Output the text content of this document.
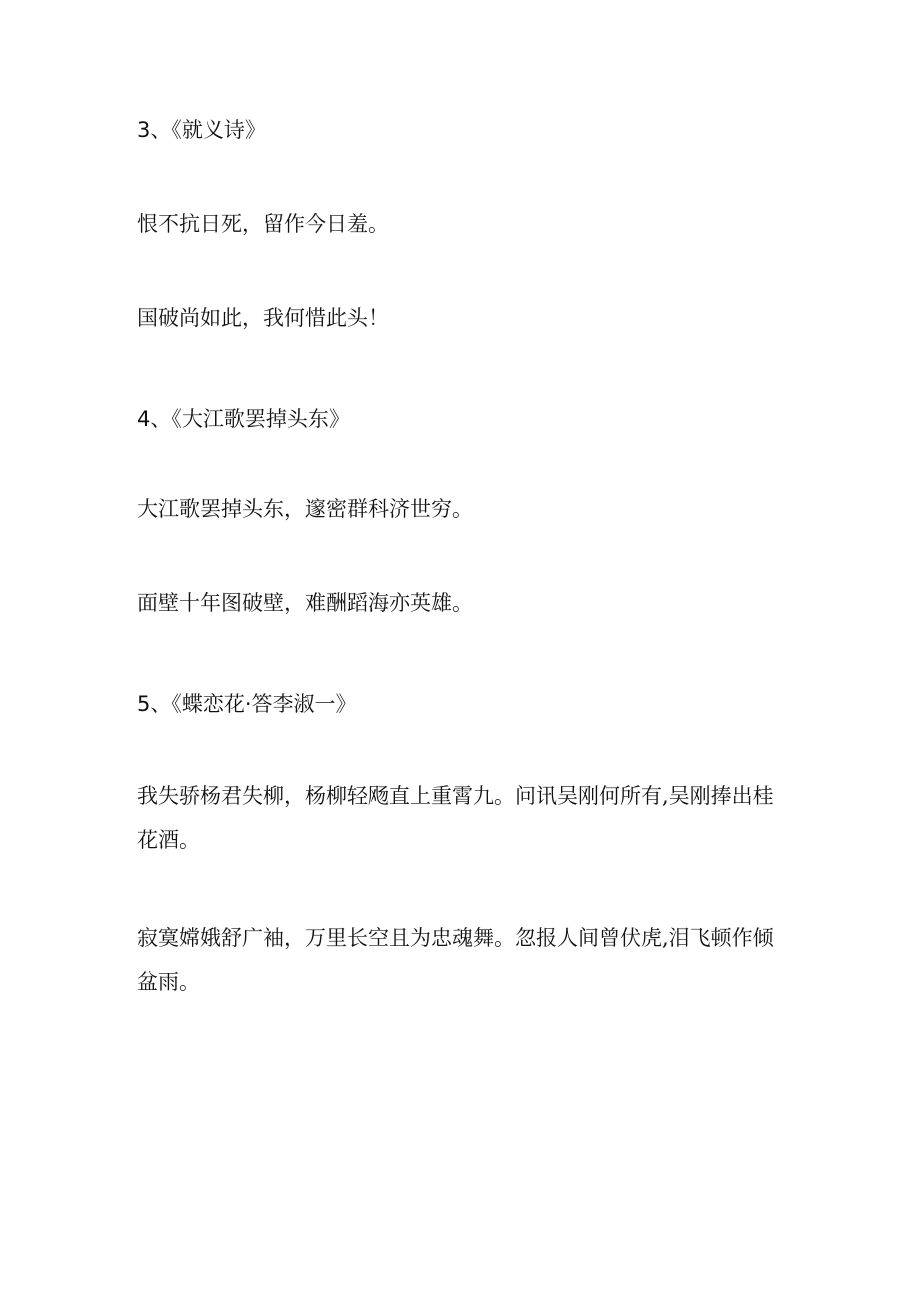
3、《就义诗》
恨不抗日死，留作今日羞。
国破尚如此，我何惜此头！
4、《大江歌罢掉头东》
大江歌罢掉头东，邃密群科济世穷。
面壁十年图破壁，难酬蹈海亦英雄。
5、《蝶恋花·答李淑一》
我失骄杨君失柳，杨柳轻飏直上重霄九。问讯吴刚何所有,吴刚捧出桂花酒。
寂寞嫦娥舒广袖，万里长空且为忠魂舞。忽报人间曾伏虎,泪飞顿作倾盆雨。
